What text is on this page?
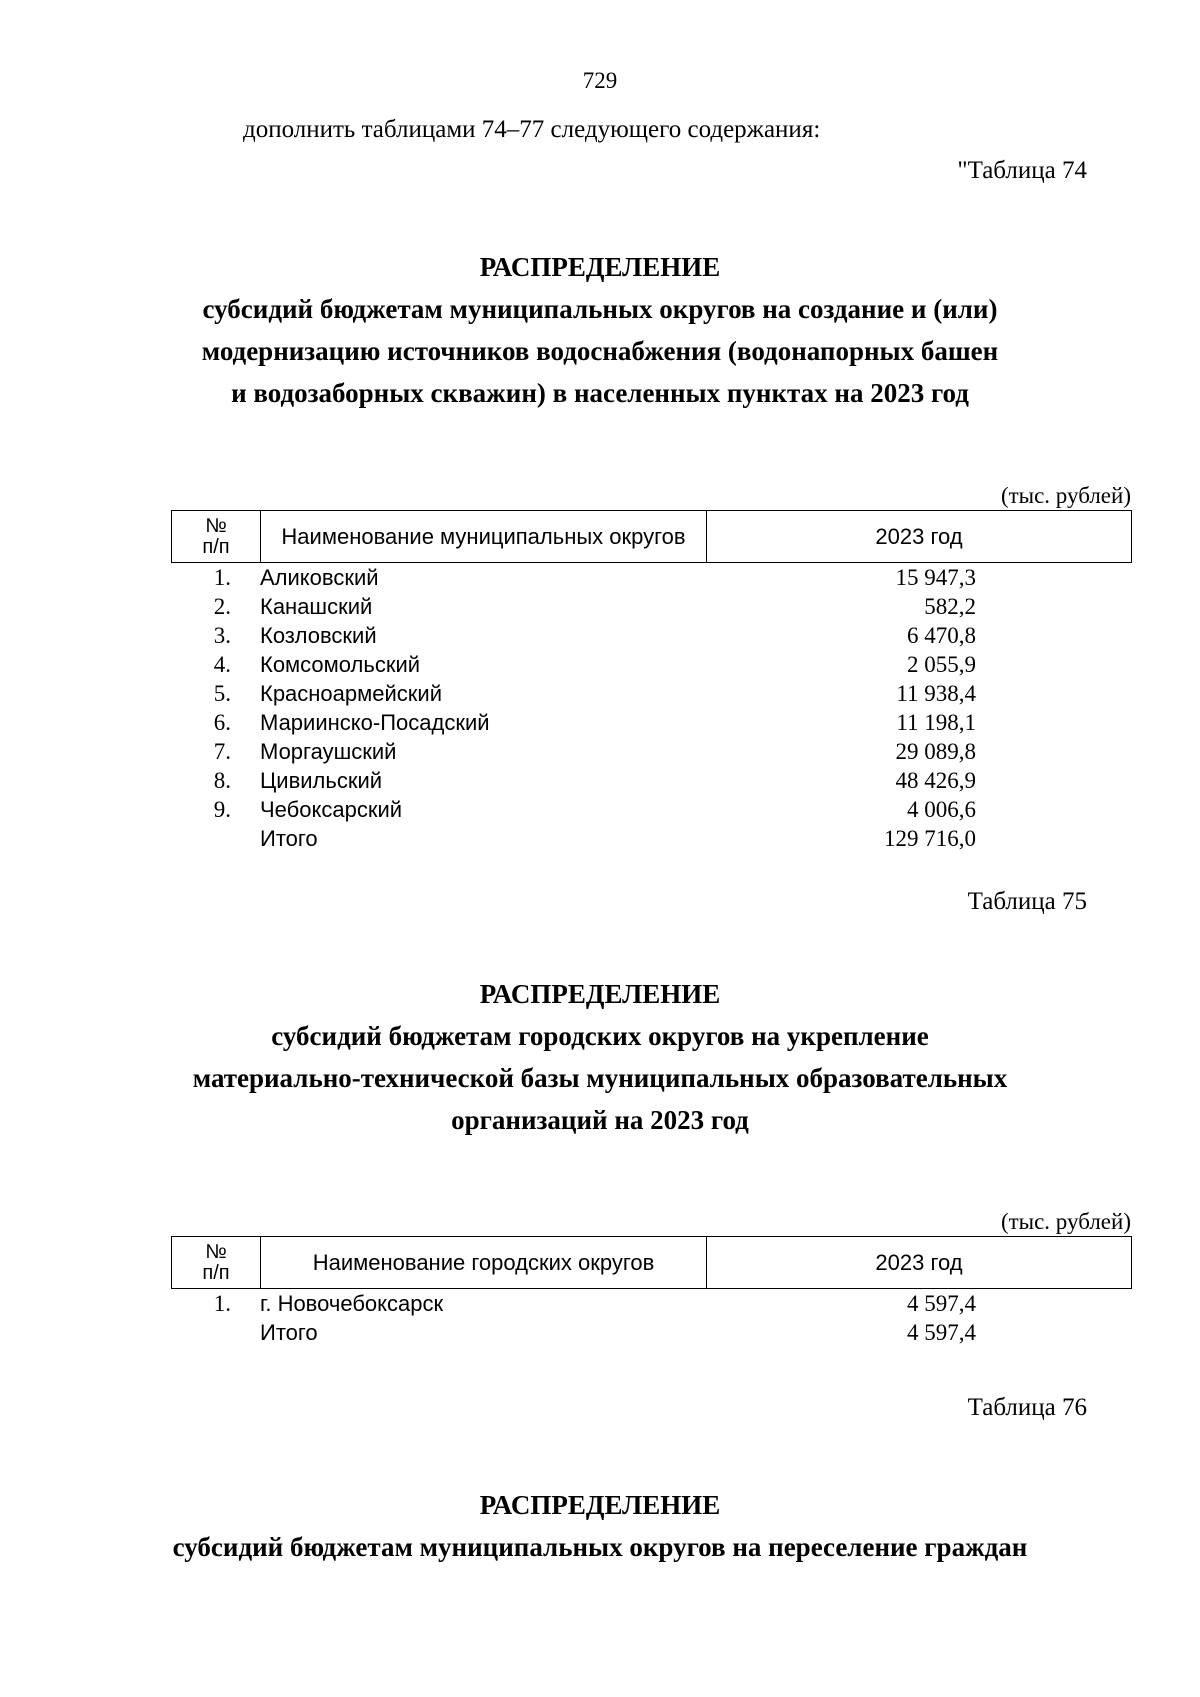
729
дополнить таблицами 74–77 следующего содержания:
"Таблица 74
РАСПРЕДЕЛЕНИЕ
субсидий бюджетам муниципальных округов на создание и (или)
модернизацию источников водоснабжения (водонапорных башен
и водозаборных скважин) в населенных пунктах на 2023 год
(тыс. рублей)
№
п/п	Наименование муниципальных округов	2023 год
1. Аликовский	15 947,3
2. Канашский	582,2
3. Козловский	6 470,8
4. Комсомольский	2 055,9
5. Красноармейский	11 938,4
6. Мариинско-Посадский	11 198,1
7. Моргаушский	29 089,8
8. Цивильский	48 426,9
9. Чебоксарский	4 006,6
Итого	129 716,0
Таблица 75
РАСПРЕДЕЛЕНИЕ
субсидий бюджетам городских округов на укрепление
материально-технической базы муниципальных образовательных
организаций на 2023 год
(тыс. рублей)
№
п/п	Наименование городских округов	2023 год
1. г. Новочебоксарск	4 597,4
Итого	4 597,4
Таблица 76
РАСПРЕДЕЛЕНИЕ
субсидий бюджетам муниципальных округов на переселение граждан
